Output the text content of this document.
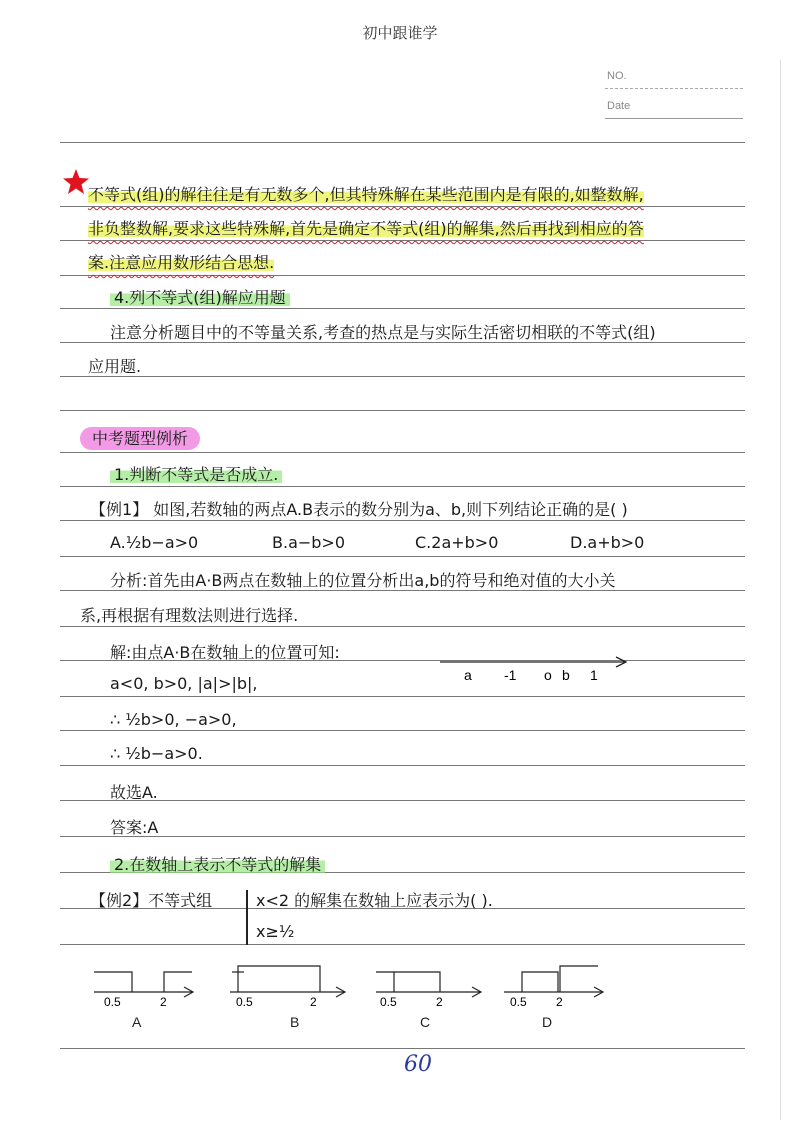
初中跟谁学
NO.
Date
不等式(组)的解往往是有无数多个,但其特殊解在某些范围内是有限的,如整数解,
非负整数解,要求这些特殊解,首先是确定不等式(组)的解集,然后再找到相应的答
案.注意应用数形结合思想.
4.列不等式(组)解应用题
注意分析题目中的不等量关系,考查的热点是与实际生活密切相联的不等式(组)
应用题.
中考题型例析
1.判断不等式是否成立.
【例1】 如图,若数轴的两点A.B表示的数分别为a、b,则下列结论正确的是( )
A.½b−a>0	B.a−b>0	C.2a+b>0	D.a+b>0
分析:首先由A·B两点在数轴上的位置分析出a,b的符号和绝对值的大小关
系,再根据有理数法则进行选择.
解:由点A·B在数轴上的位置可知:
a<0, b>0, |a|>|b|,
∴ ½b>0, −a>0,
∴ ½b−a>0.
故选A.
答案:A
a -1 o b 1
2.在数轴上表示不等式的解集
【例2】不等式组	x<2 的解集在数轴上应表示为( ).
x≥½
0.5	2
A
0.5	2
B
0.5	2
C
0.5 2
D
60
